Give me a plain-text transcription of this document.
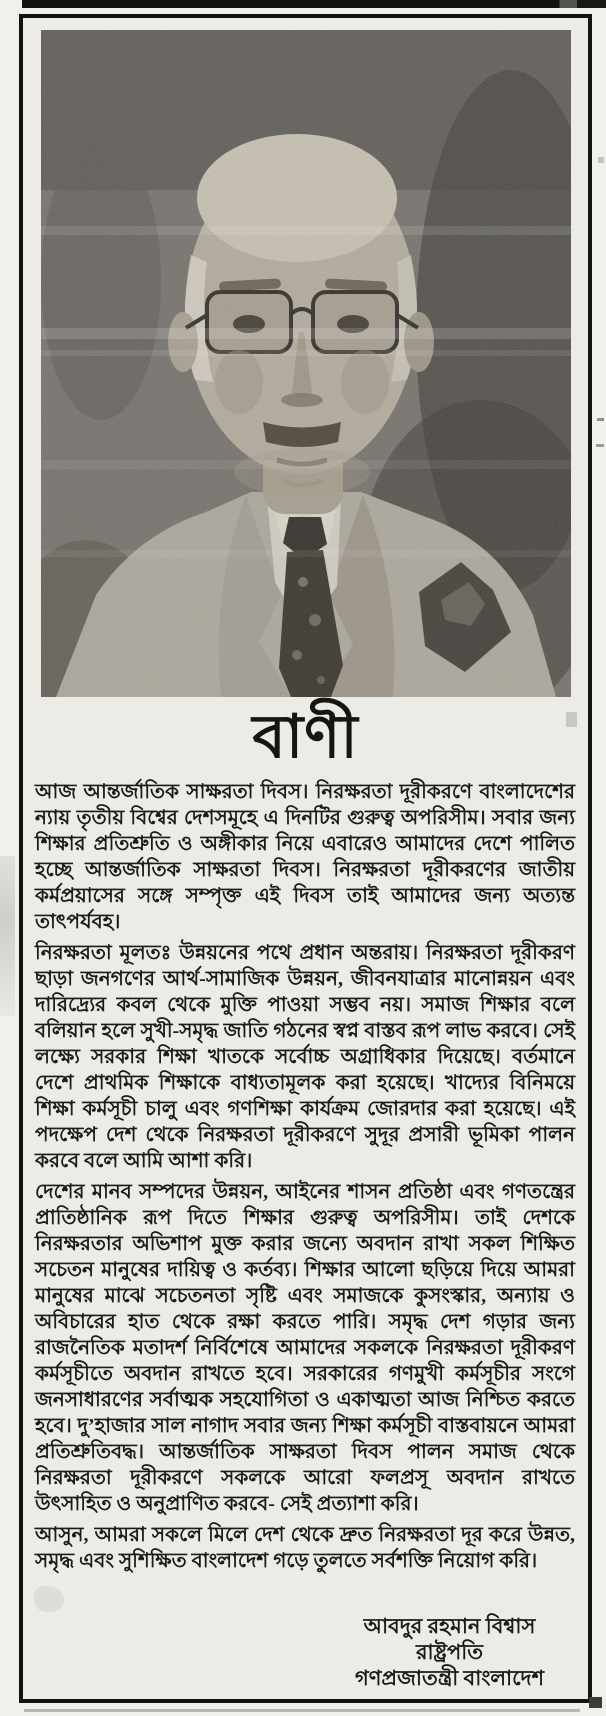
বাণী

আজ আন্তর্জাতিক সাক্ষরতা দিবস। নিরক্ষরতা দূরীকরণে বাংলাদেশের ন্যায় তৃতীয় বিশ্বের দেশসমূহে এ দিনটির গুরুত্ব অপরিসীম। সবার জন্য শিক্ষার প্রতিশ্রুতি ও অঙ্গীকার নিয়ে এবারেও আমাদের দেশে পালিত হচ্ছে আন্তর্জাতিক সাক্ষরতা দিবস। নিরক্ষরতা দূরীকরণের জাতীয় কর্মপ্রয়াসের সঙ্গে সম্পৃক্ত এই দিবস তাই আমাদের জন্য অত্যন্ত তাৎপর্যবহ।

নিরক্ষরতা মূলতঃ উন্নয়নের পথে প্রধান অন্তরায়। নিরক্ষরতা দূরীকরণ ছাড়া জনগণের আর্থ-সামাজিক উন্নয়ন, জীবনযাত্রার মানোন্নয়ন এবং দারিদ্র্যের কবল থেকে মুক্তি পাওয়া সম্ভব নয়। সমাজ শিক্ষার বলে বলিয়ান হলে সুখী-সমৃদ্ধ জাতি গঠনের স্বপ্ন বাস্তব রূপ লাভ করবে। সেই লক্ষ্যে সরকার শিক্ষা খাতকে সর্বোচ্চ অগ্রাধিকার দিয়েছে। বর্তমানে দেশে প্রাথমিক শিক্ষাকে বাধ্যতামূলক করা হয়েছে। খাদ্যের বিনিময়ে শিক্ষা কর্মসূচী চালু এবং গণশিক্ষা কার্যক্রম জোরদার করা হয়েছে। এই পদক্ষেপ দেশ থেকে নিরক্ষরতা দূরীকরণে সুদূর প্রসারী ভূমিকা পালন করবে বলে আমি আশা করি।

দেশের মানব সম্পদের উন্নয়ন, আইনের শাসন প্রতিষ্ঠা এবং গণতন্ত্রের প্রাতিষ্ঠানিক রূপ দিতে শিক্ষার গুরুত্ব অপরিসীম। তাই দেশকে নিরক্ষরতার অভিশাপ মুক্ত করার জন্যে অবদান রাখা সকল শিক্ষিত সচেতন মানুষের দায়িত্ব ও কর্তব্য। শিক্ষার আলো ছড়িয়ে দিয়ে আমরা মানুষের মাঝে সচেতনতা সৃষ্টি এবং সমাজকে কুসংস্কার, অন্যায় ও অবিচারের হাত থেকে রক্ষা করতে পারি। সমৃদ্ধ দেশ গড়ার জন্য রাজনৈতিক মতাদর্শ নির্বিশেষে আমাদের সকলকে নিরক্ষরতা দূরীকরণ কর্মসূচীতে অবদান রাখতে হবে। সরকারের গণমুখী কর্মসূচীর সংগে জনসাধারণের সর্বাত্মক সহযোগিতা ও একাত্মতা আজ নিশ্চিত করতে হবে। দু’হাজার সাল নাগাদ সবার জন্য শিক্ষা কর্মসূচী বাস্তবায়নে আমরা প্রতিশ্রুতিবদ্ধ। আন্তর্জাতিক সাক্ষরতা দিবস পালন সমাজ থেকে নিরক্ষরতা দূরীকরণে সকলকে আরো ফলপ্রসূ অবদান রাখতে উৎসাহিত ও অনুপ্রাণিত করবে- সেই প্রত্যাশা করি।

আসুন, আমরা সকলে মিলে দেশ থেকে দ্রুত নিরক্ষরতা দূর করে উন্নত, সমৃদ্ধ এবং সুশিক্ষিত বাংলাদেশ গড়ে তুলতে সর্বশক্তি নিয়োগ করি।

আবদুর রহমান বিশ্বাস
রাষ্ট্রপতি
গণপ্রজাতন্ত্রী বাংলাদেশ
